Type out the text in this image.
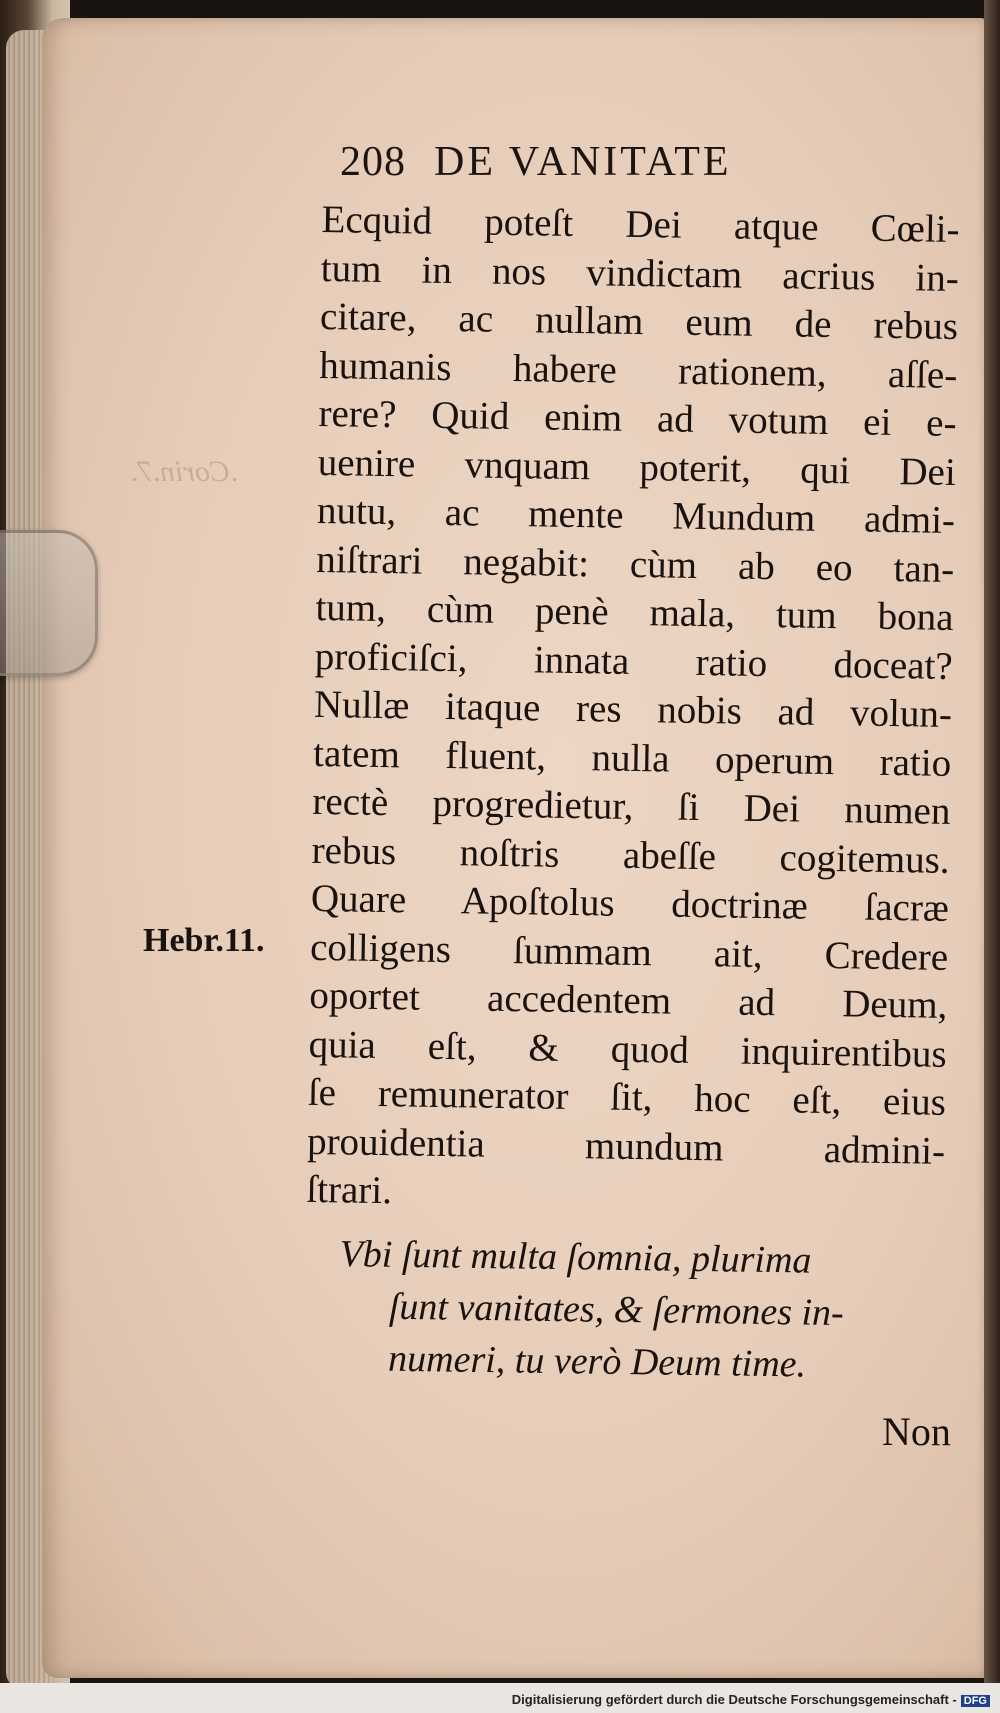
.Corin.7.
208 DE VANITATE
Ecquid poteſt Dei atque Cœli-
tum in nos vindictam acrius in-
citare, ac nullam eum de rebus
humanis habere rationem, aſſe-
rere? Quid enim ad votum ei e-
uenire vnquam poterit, qui Dei
nutu, ac mente Mundum admi-
niſtrari negabit: cùm ab eo tan-
tum, cùm penè mala, tum bona
proficiſci, innata ratio doceat?
Nullæ itaque res nobis ad volun-
tatem fluent, nulla operum ratio
rectè progredietur, ſi Dei numen
rebus noſtris abeſſe cogitemus.
Quare Apoſtolus doctrinæ ſacræ
colligens ſummam ait, Credere
oportet accedentem ad Deum,
quia eſt, & quod inquirentibus
ſe remunerator ſit, hoc eſt, eius
prouidentia mundum admini-
ſtrari.
Hebr.11.
Vbi ſunt multa ſomnia, plurima
ſunt vanitates, & ſermones in-
numeri, tu verò Deum time.
Non
Digitalisierung gefördert durch die Deutsche Forschungsgemeinschaft - DFG
